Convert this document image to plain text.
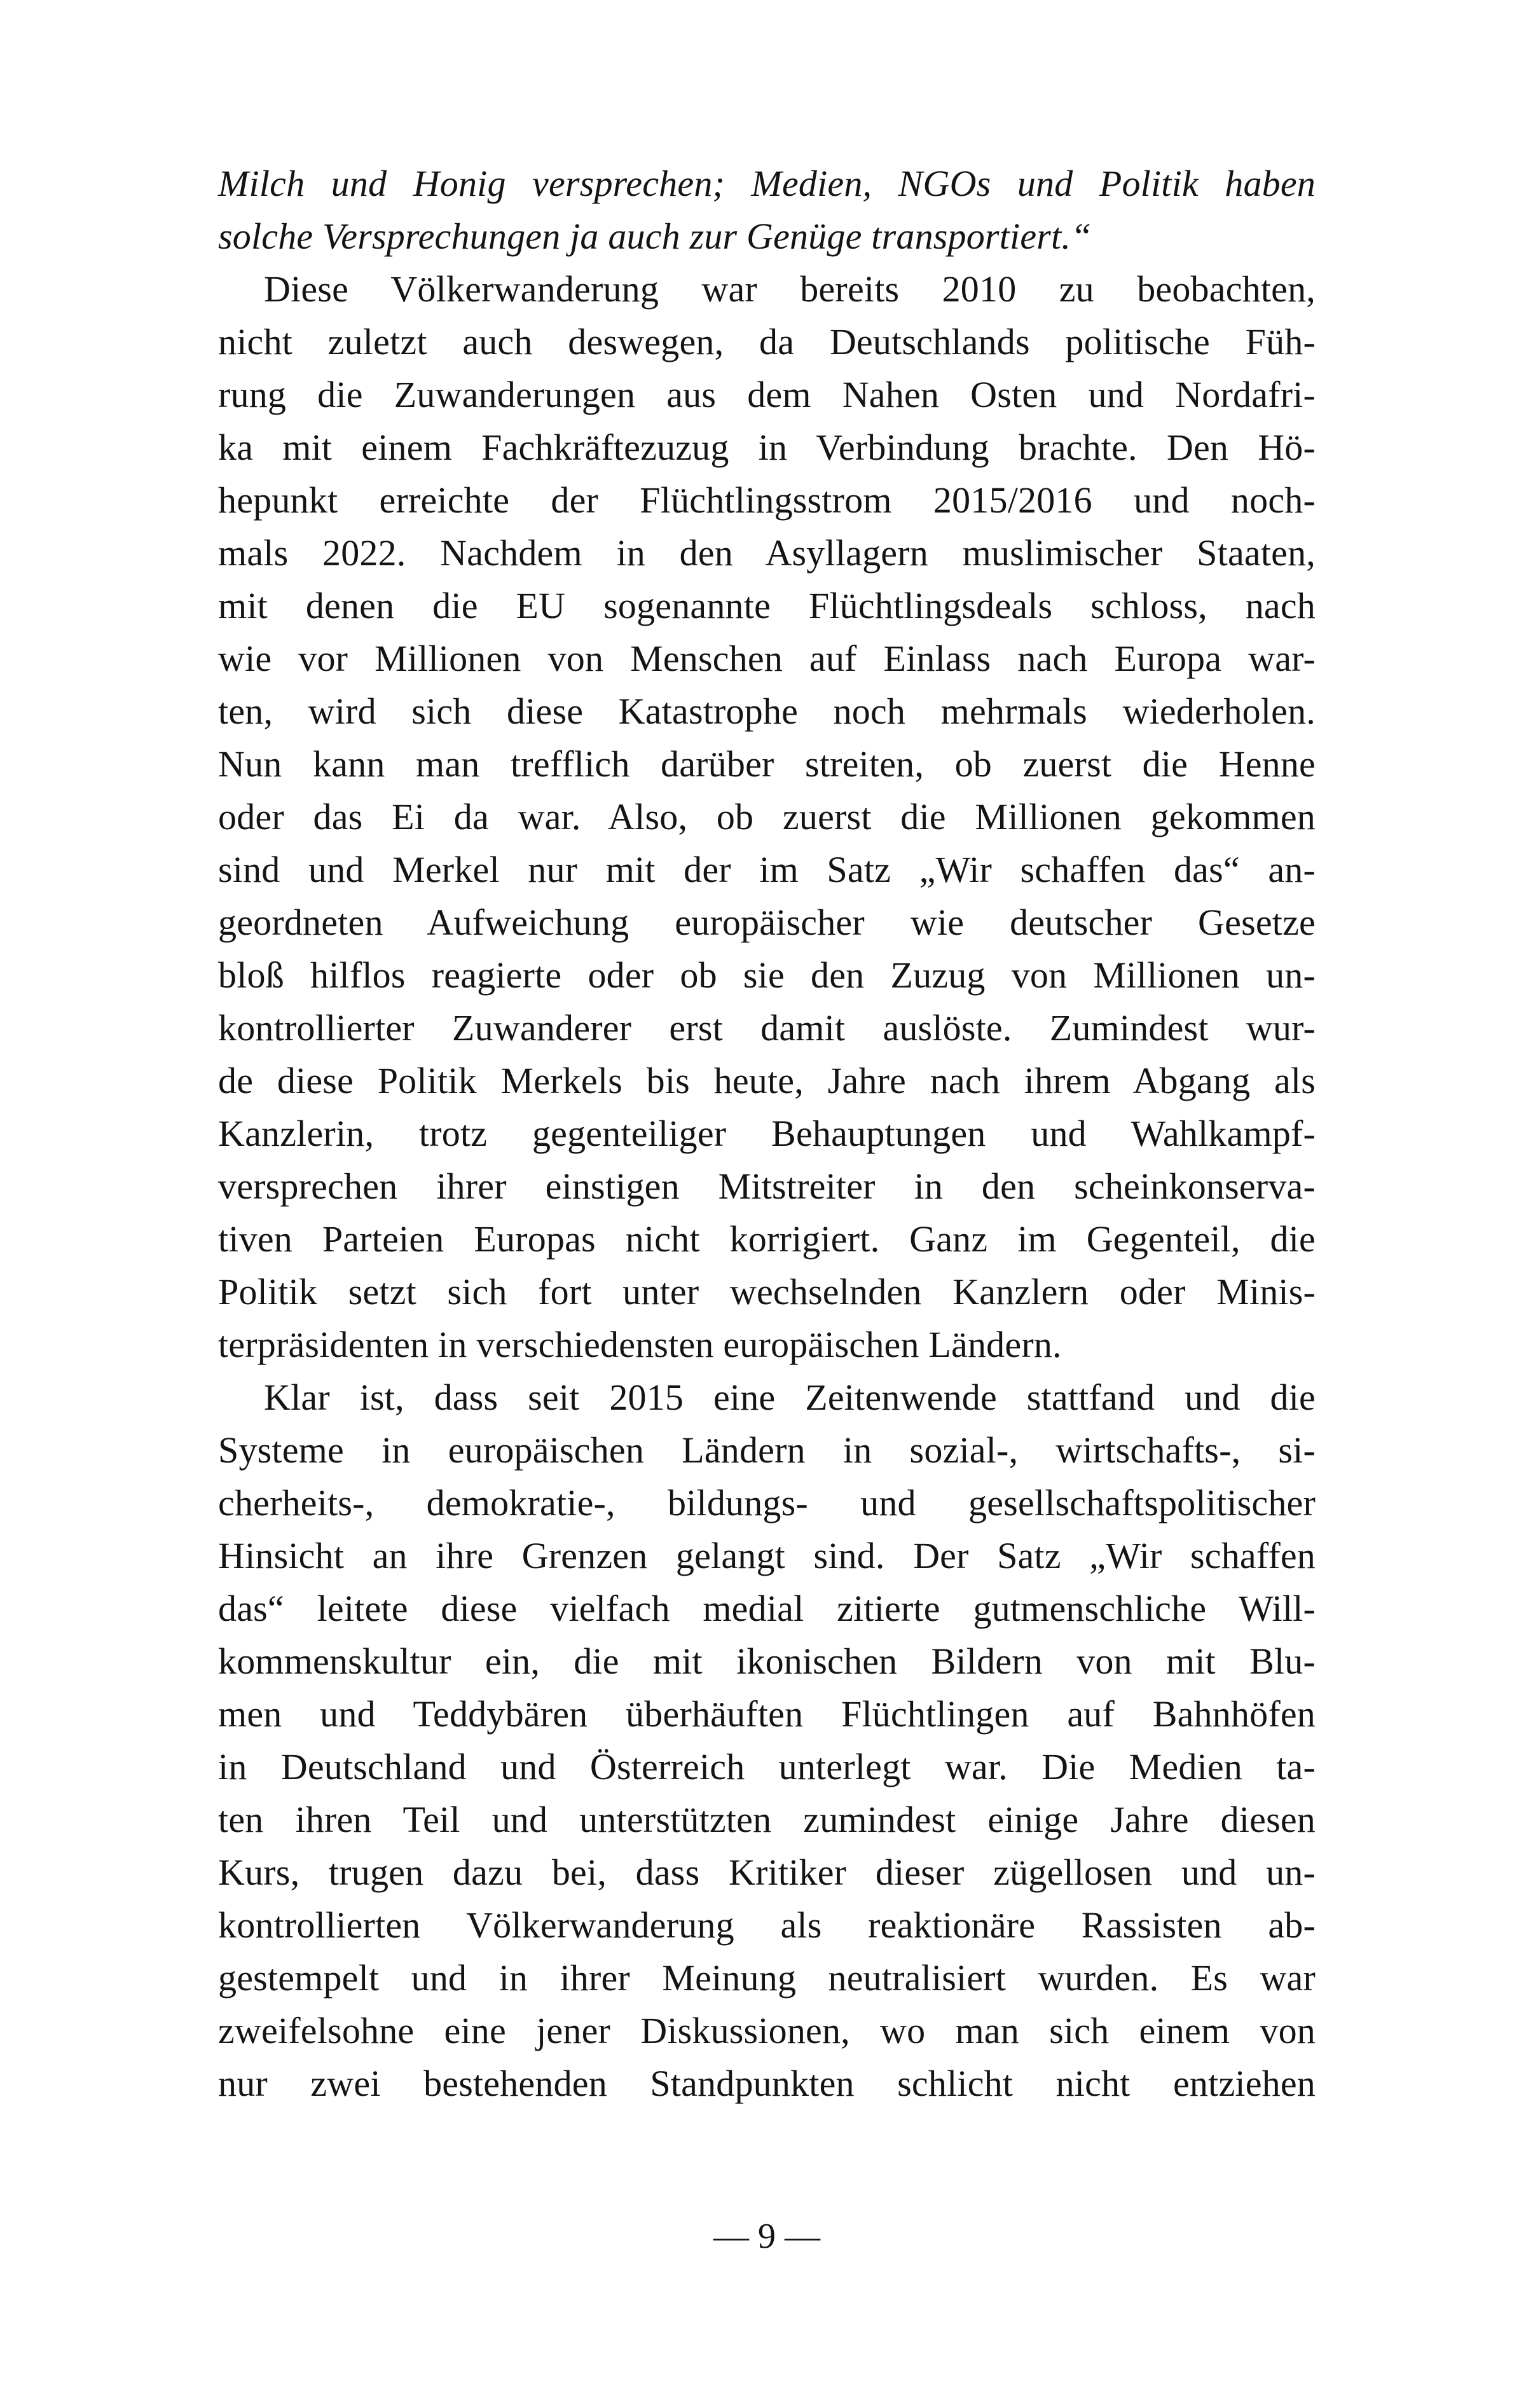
Milch und Honig versprechen; Medien, NGOs und Politik haben
solche Versprechungen ja auch zur Genüge transportiert.“
Diese Völkerwanderung war bereits 2010 zu beobachten,
nicht zuletzt auch deswegen, da Deutschlands politische Füh-
rung die Zuwanderungen aus dem Nahen Osten und Nordafri-
ka mit einem Fachkräftezuzug in Verbindung brachte. Den Hö-
hepunkt erreichte der Flüchtlingsstrom 2015/2016 und noch-
mals 2022. Nachdem in den Asyllagern muslimischer Staaten,
mit denen die EU sogenannte Flüchtlingsdeals schloss, nach
wie vor Millionen von Menschen auf Einlass nach Europa war-
ten, wird sich diese Katastrophe noch mehrmals wiederholen.
Nun kann man trefflich darüber streiten, ob zuerst die Henne
oder das Ei da war. Also, ob zuerst die Millionen gekommen
sind und Merkel nur mit der im Satz „Wir schaffen das“ an-
geordneten Aufweichung europäischer wie deutscher Gesetze
bloß hilflos reagierte oder ob sie den Zuzug von Millionen un-
kontrollierter Zuwanderer erst damit auslöste. Zumindest wur-
de diese Politik Merkels bis heute, Jahre nach ihrem Abgang als
Kanzlerin, trotz gegenteiliger Behauptungen und Wahlkampf-
versprechen ihrer einstigen Mitstreiter in den scheinkonserva-
tiven Parteien Europas nicht korrigiert. Ganz im Gegenteil, die
Politik setzt sich fort unter wechselnden Kanzlern oder Minis-
terpräsidenten in verschiedensten europäischen Ländern.
Klar ist, dass seit 2015 eine Zeitenwende stattfand und die
Systeme in europäischen Ländern in sozial-, wirtschafts-, si-
cherheits-, demokratie-, bildungs- und gesellschaftspolitischer
Hinsicht an ihre Grenzen gelangt sind. Der Satz „Wir schaffen
das“ leitete diese vielfach medial zitierte gutmenschliche Will-
kommenskultur ein, die mit ikonischen Bildern von mit Blu-
men und Teddybären überhäuften Flüchtlingen auf Bahnhöfen
in Deutschland und Österreich unterlegt war. Die Medien ta-
ten ihren Teil und unterstützten zumindest einige Jahre diesen
Kurs, trugen dazu bei, dass Kritiker dieser zügellosen und un-
kontrollierten Völkerwanderung als reaktionäre Rassisten ab-
gestempelt und in ihrer Meinung neutralisiert wurden. Es war
zweifelsohne eine jener Diskussionen, wo man sich einem von
nur zwei bestehenden Standpunkten schlicht nicht entziehen
— 9 —
